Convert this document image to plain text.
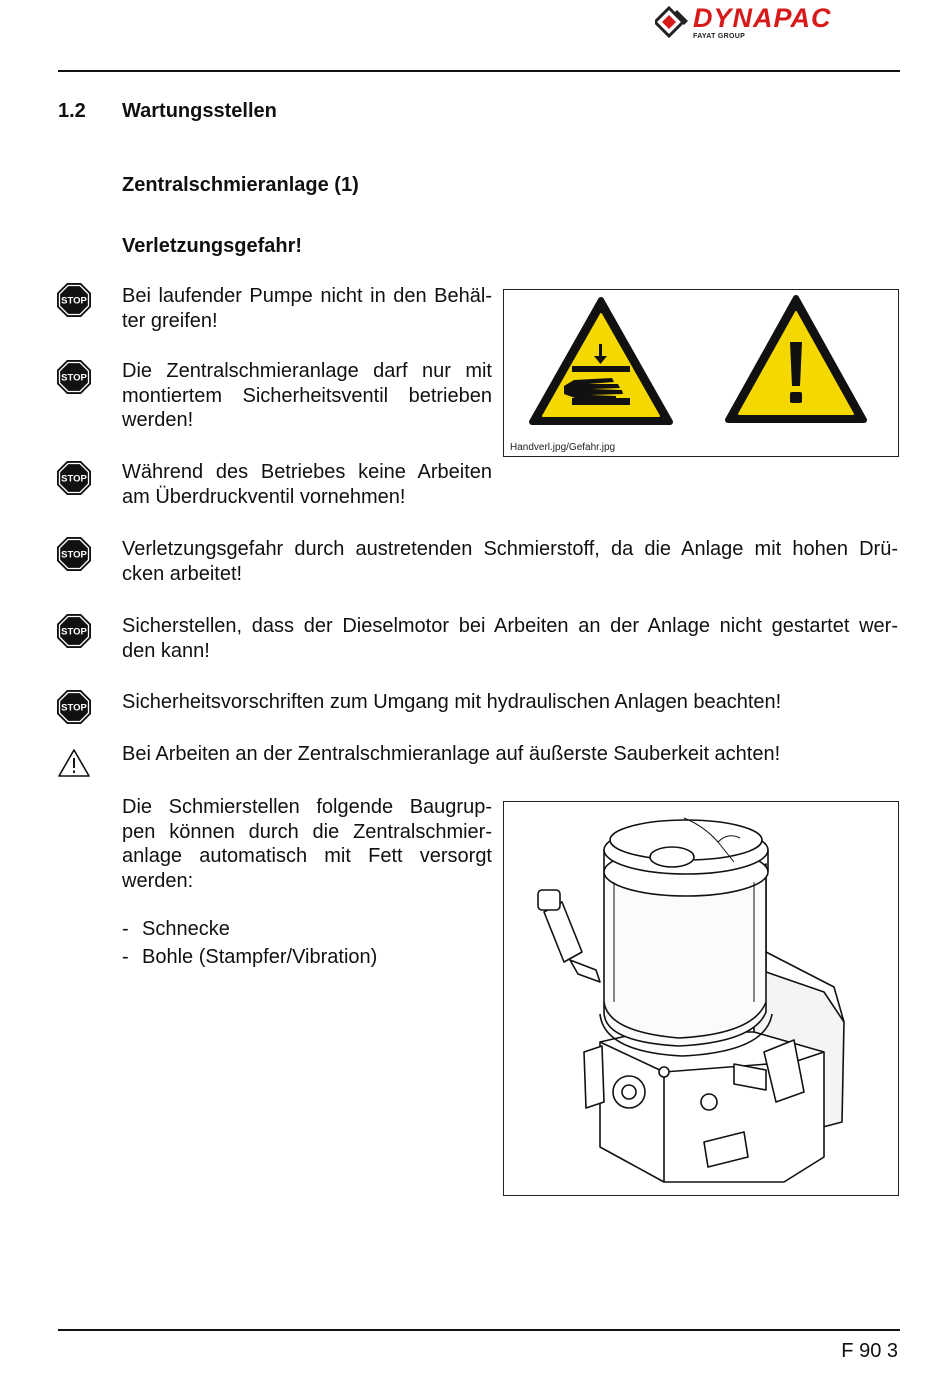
DYNAPAC
FAYAT GROUP
1.2 Wartungsstellen
Zentralschmieranlage (1)
Verletzungsgefahr!
STOP
STOP
STOP
STOP
STOP
STOP
Bei laufender Pumpe nicht in den Behäl-
ter greifen!
Die Zentralschmieranlage darf nur mit
montiertem Sicherheitsventil betrieben
werden!
Während des Betriebes keine Arbeiten
am Überdruckventil vornehmen!
Verletzungsgefahr durch austretenden Schmierstoff, da die Anlage mit hohen Drü-
cken arbeitet!
Sicherstellen, dass der Dieselmotor bei Arbeiten an der Anlage nicht gestartet wer-
den kann!
Sicherheitsvorschriften zum Umgang mit hydraulischen Anlagen beachten!
Bei Arbeiten an der Zentralschmieranlage auf äußerste Sauberkeit achten!
Handverl.jpg/Gefahr.jpg
Die Schmierstellen folgende Baugrup-
pen können durch die Zentralschmier-
anlage automatisch mit Fett versorgt
werden:
- Schnecke
- Bohle (Stampfer/Vibration)
F 90 3
